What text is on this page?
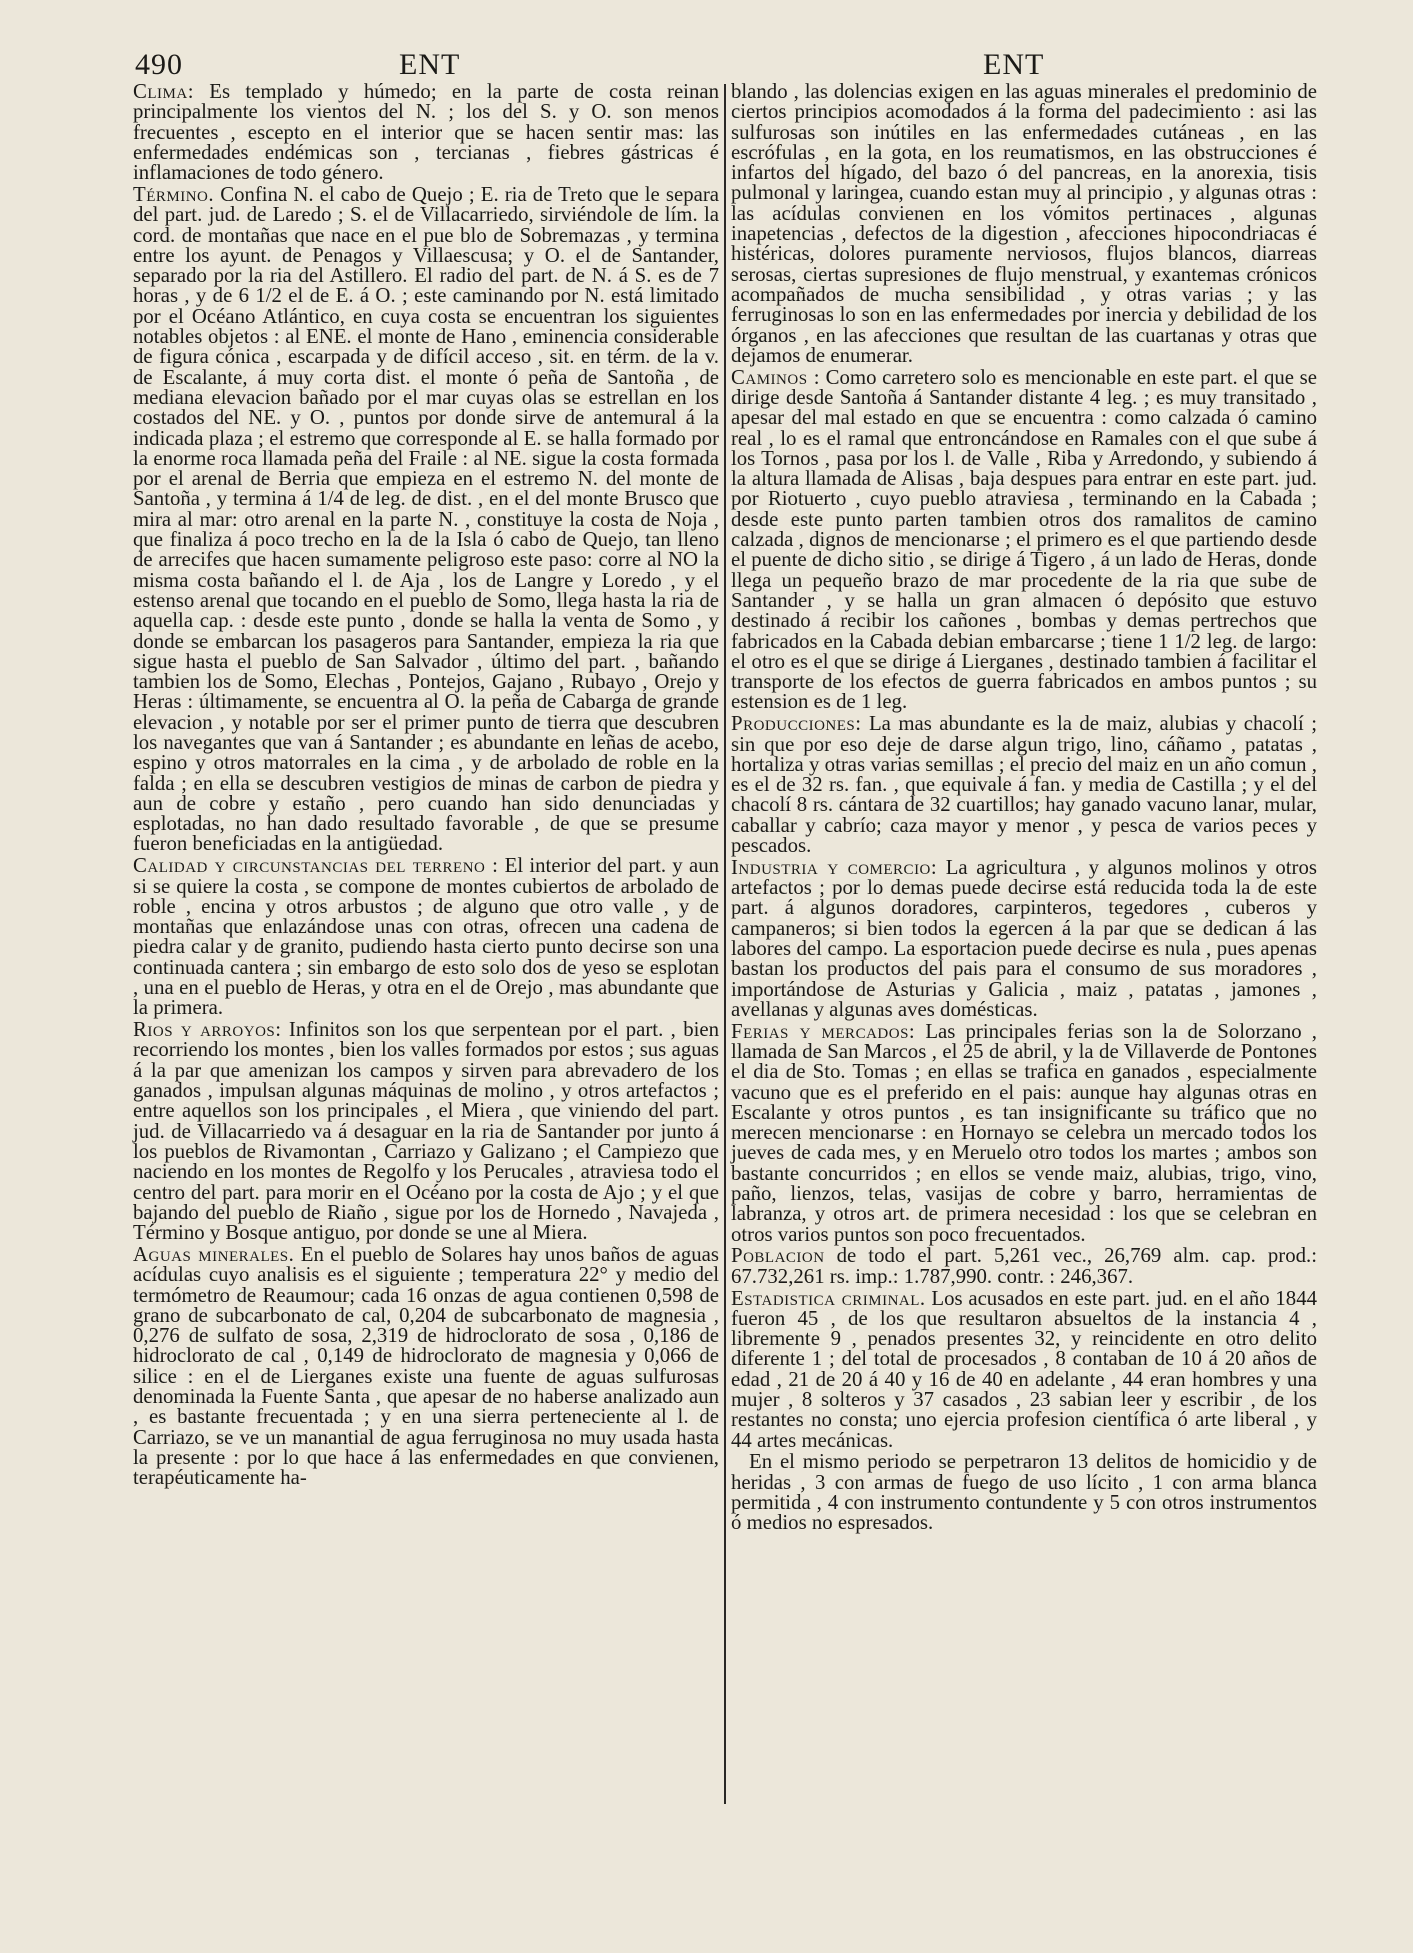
490	ENT	ENT

Clima: Es templado y húmedo; en la parte de costa reinan principalmente los vientos del N. ; los del S. y O. son menos frecuentes , escepto en el interior que se hacen sentir mas: las enfermedades endémicas son , tercianas , fiebres gástricas é inflamaciones de todo género.

Término. Confina N. el cabo de Quejo ; E. ria de Treto que le separa del part. jud. de Laredo ; S. el de Villacarriedo, sirviéndole de lím. la cord. de montañas que nace en el pue blo de Sobremazas , y termina entre los ayunt. de Penagos y Villaescusa; y O. el de Santander, separado por la ria del Astillero. El radio del part. de N. á S. es de 7 horas , y de 6 1/2 el de E. á O. ; este caminando por N. está limitado por el Océano Atlántico, en cuya costa se encuentran los siguientes notables objetos : al ENE. el monte de Hano , eminencia considerable de figura cónica , escarpada y de difícil acceso , sit. en térm. de la v. de Escalante, á muy corta dist. el monte ó peña de Santoña , de mediana elevacion bañado por el mar cuyas olas se estrellan en los costados del NE. y O. , puntos por donde sirve de antemural á la indicada plaza ; el estremo que corresponde al E. se halla formado por la enorme roca llamada peña del Fraile : al NE. sigue la costa formada por el arenal de Berria que empieza en el estremo N. del monte de Santoña , y termina á 1/4 de leg. de dist. , en el del monte Brusco que mira al mar: otro arenal en la parte N. , constituye la costa de Noja , que finaliza á poco trecho en la de la Isla ó cabo de Quejo, tan lleno de arrecifes que hacen sumamente peligroso este paso: corre al NO la misma costa bañando el l. de Aja , los de Langre y Loredo , y el estenso arenal que tocando en el pueblo de Somo, llega hasta la ria de aquella cap. : desde este punto , donde se halla la venta de Somo , y donde se embarcan los pasageros para Santander, empieza la ria que sigue hasta el pueblo de San Salvador , último del part. , bañando tambien los de Somo, Elechas , Pontejos, Gajano , Rubayo , Orejo y Heras : últimamente, se encuentra al O. la peña de Cabarga de grande elevacion , y notable por ser el primer punto de tierra que descubren los navegantes que van á Santander ; es abundante en leñas de acebo, espino y otros matorrales en la cima , y de arbolado de roble en la falda ; en ella se descubren vestigios de minas de carbon de piedra y aun de cobre y estaño , pero cuando han sido denunciadas y esplotadas, no han dado resultado favorable , de que se presume fueron beneficiadas en la antigüedad.

Calidad y circunstancias del terreno : El interior del part. y aun si se quiere la costa , se compone de montes cubiertos de arbolado de roble , encina y otros arbustos ; de alguno que otro valle , y de montañas que enlazándose unas con otras, ofrecen una cadena de piedra calar y de granito, pudiendo hasta cierto punto decirse son una continuada cantera ; sin embargo de esto solo dos de yeso se esplotan , una en el pueblo de Heras, y otra en el de Orejo , mas abundante que la primera.

Rios y arroyos: Infinitos son los que serpentean por el part. , bien recorriendo los montes , bien los valles formados por estos ; sus aguas á la par que amenizan los campos y sirven para abrevadero de los ganados , impulsan algunas máquinas de molino , y otros artefactos ; entre aquellos son los principales , el Miera , que viniendo del part. jud. de Villacarriedo va á desaguar en la ria de Santander por junto á los pueblos de Rivamontan , Carriazo y Galizano ; el Campiezo que naciendo en los montes de Regolfo y los Perucales , atraviesa todo el centro del part. para morir en el Océano por la costa de Ajo ; y el que bajando del pueblo de Riaño , sigue por los de Hornedo , Navajeda , Término y Bosque antiguo, por donde se une al Miera.

Aguas minerales. En el pueblo de Solares hay unos baños de aguas acídulas cuyo analisis es el siguiente ; temperatura 22° y medio del termómetro de Reaumour; cada 16 onzas de agua contienen 0,598 de grano de subcarbonato de cal, 0,204 de subcarbonato de magnesia , 0,276 de sulfato de sosa, 2,319 de hidroclorato de sosa , 0,186 de hidroclorato de cal , 0,149 de hidroclorato de magnesia y 0,066 de silice : en el de Lierganes existe una fuente de aguas sulfurosas denominada la Fuente Santa , que apesar de no haberse analizado aun , es bastante frecuentada ; y en una sierra perteneciente al l. de Carriazo, se ve un manantial de agua ferruginosa no muy usada hasta la presente : por lo que hace á las enfermedades en que convienen, terapéuticamente ha-

blando , las dolencias exigen en las aguas minerales el predominio de ciertos principios acomodados á la forma del padecimiento : asi las sulfurosas son inútiles en las enfermedades cutáneas , en las escrófulas , en la gota, en los reumatismos, en las obstrucciones é infartos del hígado, del bazo ó del pancreas, en la anorexia, tisis pulmonal y laringea, cuando estan muy al principio , y algunas otras : las acídulas convienen en los vómitos pertinaces , algunas inapetencias , defectos de la digestion , afecciones hipocondriacas é histéricas, dolores puramente nerviosos, flujos blancos, diarreas serosas, ciertas supresiones de flujo menstrual, y exantemas crónicos acompañados de mucha sensibilidad , y otras varias ; y las ferruginosas lo son en las enfermedades por inercia y debilidad de los órganos , en las afecciones que resultan de las cuartanas y otras que dejamos de enumerar.

Caminos : Como carretero solo es mencionable en este part. el que se dirige desde Santoña á Santander distante 4 leg. ; es muy transitado , apesar del mal estado en que se encuentra : como calzada ó camino real , lo es el ramal que entroncándose en Ramales con el que sube á los Tornos , pasa por los l. de Valle , Riba y Arredondo, y subiendo á la altura llamada de Alisas , baja despues para entrar en este part. jud. por Riotuerto , cuyo pueblo atraviesa , terminando en la Cabada ; desde este punto parten tambien otros dos ramalitos de camino calzada , dignos de mencionarse ; el primero es el que partiendo desde el puente de dicho sitio , se dirige á Tigero , á un lado de Heras, donde llega un pequeño brazo de mar procedente de la ria que sube de Santander , y se halla un gran almacen ó depósito que estuvo destinado á recibir los cañones , bombas y demas pertrechos que fabricados en la Cabada debian embarcarse ; tiene 1 1/2 leg. de largo: el otro es el que se dirige á Lierganes , destinado tambien á facilitar el transporte de los efectos de guerra fabricados en ambos puntos ; su estension es de 1 leg.

Producciones: La mas abundante es la de maiz, alubias y chacolí ; sin que por eso deje de darse algun trigo, lino, cáñamo , patatas , hortaliza y otras varias semillas ; el precio del maiz en un año comun , es el de 32 rs. fan. , que equivale á fan. y media de Castilla ; y el del chacolí 8 rs. cántara de 32 cuartillos; hay ganado vacuno lanar, mular, caballar y cabrío; caza mayor y menor , y pesca de varios peces y pescados.

Industria y comercio: La agricultura , y algunos molinos y otros artefactos ; por lo demas puede decirse está reducida toda la de este part. á algunos doradores, carpinteros, tegedores , cuberos y campaneros; si bien todos la egercen á la par que se dedican á las labores del campo. La esportacion puede decirse es nula , pues apenas bastan los productos del pais para el consumo de sus moradores , importándose de Asturias y Galicia , maiz , patatas , jamones , avellanas y algunas aves domésticas.

Ferias y mercados: Las principales ferias son la de Solorzano , llamada de San Marcos , el 25 de abril, y la de Villaverde de Pontones el dia de Sto. Tomas ; en ellas se trafica en ganados , especialmente vacuno que es el preferido en el pais: aunque hay algunas otras en Escalante y otros puntos , es tan insignificante su tráfico que no merecen mencionarse : en Hornayo se celebra un mercado todos los jueves de cada mes, y en Meruelo otro todos los martes ; ambos son bastante concurridos ; en ellos se vende maiz, alubias, trigo, vino, paño, lienzos, telas, vasijas de cobre y barro, herramientas de labranza, y otros art. de primera necesidad : los que se celebran en otros varios puntos son poco frecuentados.

Poblacion de todo el part. 5,261 vec., 26,769 alm. cap. prod.: 67.732,261 rs. imp.: 1.787,990. contr. : 246,367.

Estadistica criminal. Los acusados en este part. jud. en el año 1844 fueron 45 , de los que resultaron absueltos de la instancia 4 , libremente 9 , penados presentes 32, y reincidente en otro delito diferente 1 ; del total de procesados , 8 contaban de 10 á 20 años de edad , 21 de 20 á 40 y 16 de 40 en adelante , 44 eran hombres y una mujer , 8 solteros y 37 casados , 23 sabian leer y escribir , de los restantes no consta; uno ejercia profesion científica ó arte liberal , y 44 artes mecánicas.

En el mismo periodo se perpetraron 13 delitos de homicidio y de heridas , 3 con armas de fuego de uso lícito , 1 con arma blanca permitida , 4 con instrumento contundente y 5 con otros instrumentos ó medios no espresados.
